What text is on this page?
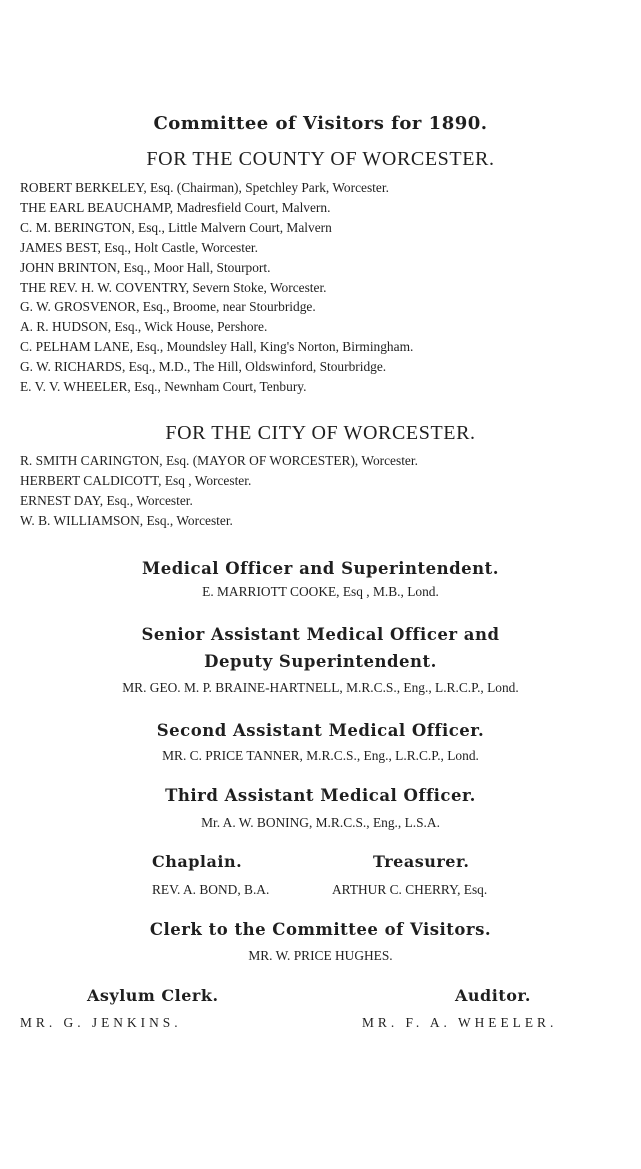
Committee of Visitors for 1890.
FOR THE COUNTY OF WORCESTER.
ROBERT BERKELEY, Esq. (Chairman), Spetchley Park, Worcester.
THE EARL BEAUCHAMP, Madresfield Court, Malvern.
C. M. BERINGTON, Esq., Little Malvern Court, Malvern
JAMES BEST, Esq., Holt Castle, Worcester.
JOHN BRINTON, Esq., Moor Hall, Stourport.
THE REV. H. W. COVENTRY, Severn Stoke, Worcester.
G. W. GROSVENOR, Esq., Broome, near Stourbridge.
A. R. HUDSON, Esq., Wick House, Pershore.
C. PELHAM LANE, Esq., Moundsley Hall, King's Norton, Birmingham.
G. W. RICHARDS, Esq., M.D., The Hill, Oldswinford, Stourbridge.
E. V. V. WHEELER, Esq., Newnham Court, Tenbury.
FOR THE CITY OF WORCESTER.
R. SMITH CARINGTON, Esq. (MAYOR OF WORCESTER), Worcester.
HERBERT CALDICOTT, Esq , Worcester.
ERNEST DAY, Esq., Worcester.
W. B. WILLIAMSON, Esq., Worcester.
Medical Officer and Superintendent.
E. MARRIOTT COOKE, Esq , M.B., Lond.
Senior Assistant Medical Officer and
Deputy Superintendent.
MR. GEO. M. P. BRAINE-HARTNELL, M.R.C.S., Eng., L.R.C.P., Lond.
Second Assistant Medical Officer.
MR. C. PRICE TANNER, M.R.C.S., Eng., L.R.C.P., Lond.
Third Assistant Medical Officer.
Mr. A. W. BONING, M.R.C.S., Eng., L.S.A.
Chaplain.
REV. A. BOND, B.A.
Treasurer.
ARTHUR C. CHERRY, Esq.
Clerk to the Committee of Visitors.
MR. W. PRICE HUGHES.
Asylum Clerk.
MR. G. JENKINS.
Auditor.
MR. F. A. WHEELER.
